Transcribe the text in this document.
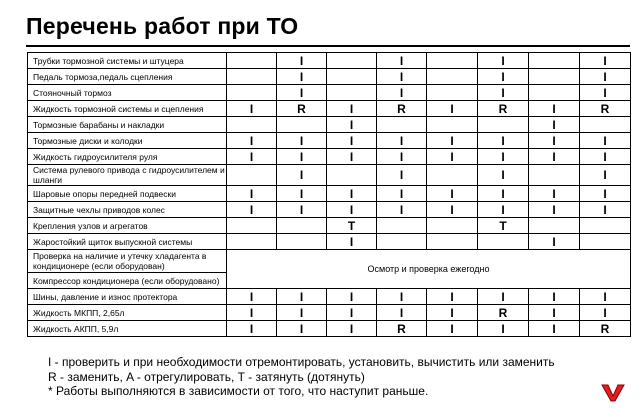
Перечень работ при ТО
Трубки тормозной системы и штуцера		I		I		I		I
Педаль тормоза,педаль сцепления		I		I		I		I
Стояночный тормоз		I		I		I		I
Жидкость тормозной системы и сцепления	I	R	I	R	I	R	I	R
Тормозные барабаны и накладки			I				I	
Тормозные диски и колодки	I	I	I	I	I	I	I	I
Жидкость гидроусилителя руля	I	I	I	I	I	I	I	I
Система рулевого привода с гидроусилителем и шланги		I		I		I		I
Шаровые опоры передней подвески	I	I	I	I	I	I	I	I
Защитные чехлы приводов колес	I	I	I	I	I	I	I	I
Крепления узлов и агрегатов			T			T		
Жаростойкий щиток выпускной системы			I				I	
Проверка на наличие и утечку хладагента в кондиционере (если оборудован)	Осмотр и проверка ежегодно							
Компрессор кондиционера (если оборудовано)								
Шины, давление и износ протектора	I	I	I	I	I	I	I	I
Жидкость МКПП, 2,65л	I	I	I	I	I	R	I	I
Жидкость АКПП, 5,9л	I	I	I	R	I	I	I	R
I - проверить и при необходимости отремонтировать, установить, вычистить или заменить
R - заменить, A - отрегулировать, T - затянуть (дотянуть)
* Работы выполняются в зависимости от того, что наступит раньше.
